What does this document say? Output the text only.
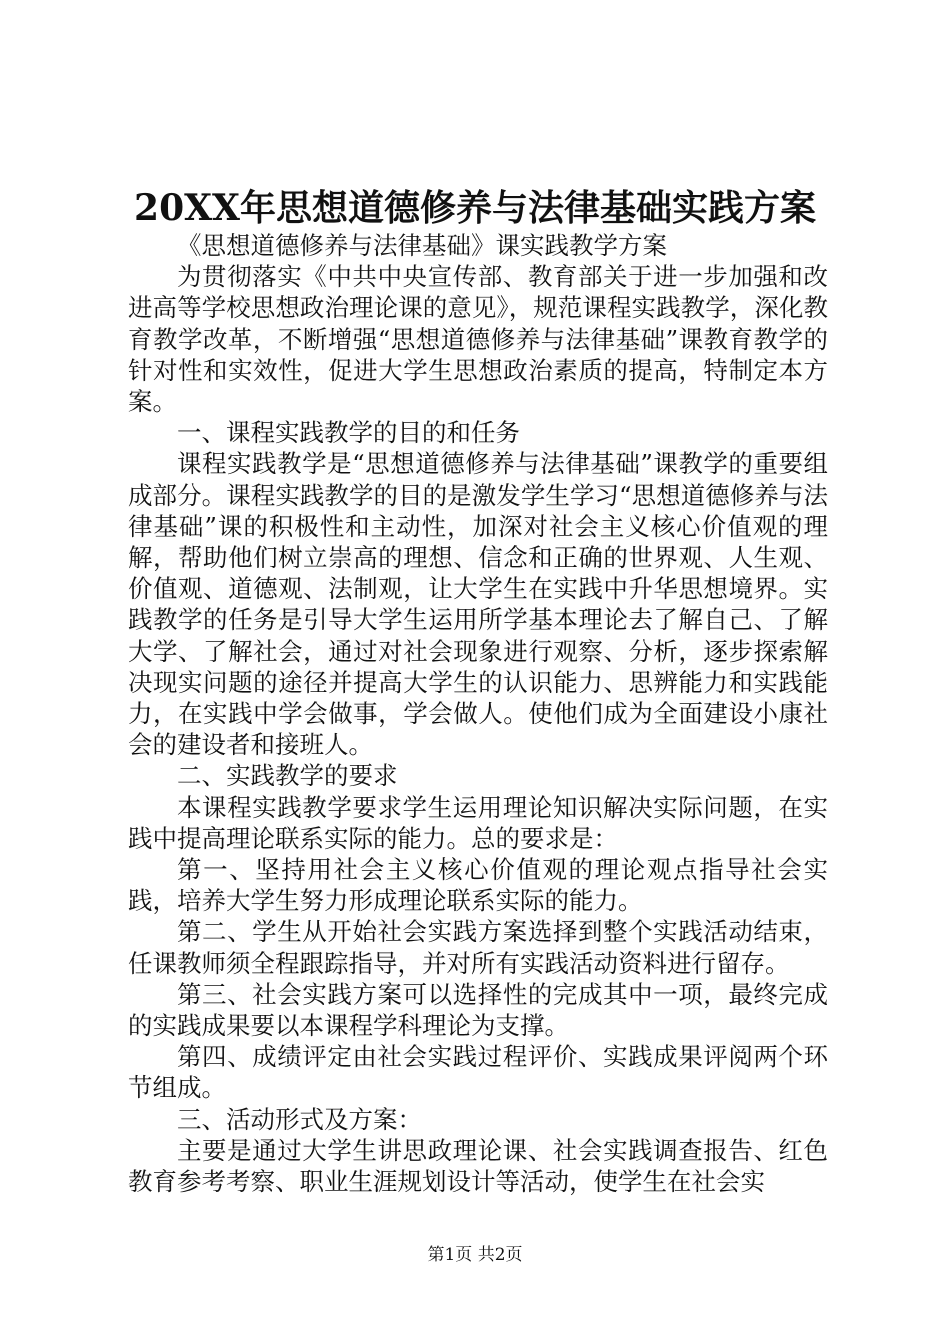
20XX年思想道德修养与法律基础实践方案

《思想道德修养与法律基础》课实践教学方案

为贯彻落实《中共中央宣传部、教育部关于进一步加强和改进高等学校思想政治理论课的意见》，规范课程实践教学，深化教育教学改革，不断增强“思想道德修养与法律基础”课教育教学的针对性和实效性，促进大学生思想政治素质的提高，特制定本方案。

一、课程实践教学的目的和任务

课程实践教学是“思想道德修养与法律基础”课教学的重要组成部分。课程实践教学的目的是激发学生学习“思想道德修养与法律基础”课的积极性和主动性，加深对社会主义核心价值观的理解，帮助他们树立崇高的理想、信念和正确的世界观、人生观、价值观、道德观、法制观，让大学生在实践中升华思想境界。实践教学的任务是引导大学生运用所学基本理论去了解自己、了解大学、了解社会，通过对社会现象进行观察、分析，逐步探索解决现实问题的途径并提高大学生的认识能力、思辨能力和实践能力，在实践中学会做事，学会做人。使他们成为全面建设小康社会的建设者和接班人。

二、实践教学的要求

本课程实践教学要求学生运用理论知识解决实际问题，在实践中提高理论联系实际的能力。总的要求是：

第一、坚持用社会主义核心价值观的理论观点指导社会实践，培养大学生努力形成理论联系实际的能力。

第二、学生从开始社会实践方案选择到整个实践活动结束，任课教师须全程跟踪指导，并对所有实践活动资料进行留存。

第三、社会实践方案可以选择性的完成其中一项，最终完成的实践成果要以本课程学科理论为支撑。

第四、成绩评定由社会实践过程评价、实践成果评阅两个环节组成。

三、活动形式及方案：

主要是通过大学生讲思政理论课、社会实践调查报告、红色教育参考考察、职业生涯规划设计等活动，使学生在社会实

第1页 共2页
